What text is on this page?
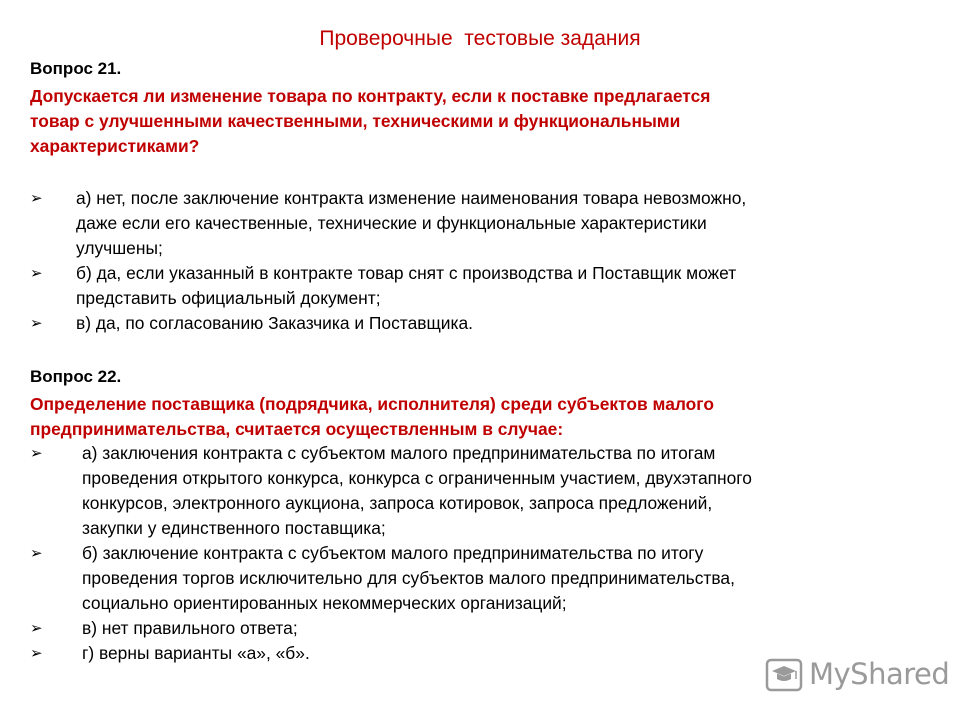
Проверочные  тестовые задания
Вопрос 21.
Допускается ли изменение товара по контракту, если к поставке предлагается
товар с улучшенными качественными, техническими и функциональными
характеристиками?
➢	а) нет, после заключение контракта изменение наименования товара невозможно,
даже если его качественные, технические и функциональные характеристики
улучшены;
➢	б) да, если указанный в контракте товар снят с производства и Поставщик может
представить официальный документ;
➢	в) да, по согласованию Заказчика и Поставщика.
Вопрос 22.
Определение поставщика (подрядчика, исполнителя) среди субъектов малого
предпринимательства, считается осуществленным в случае:
➢	а) заключения контракта с субъектом малого предпринимательства по итогам
проведения открытого конкурса, конкурса с ограниченным участием, двухэтапного
конкурсов, электронного аукциона, запроса котировок, запроса предложений,
закупки у единственного поставщика;
➢	б) заключение контракта с субъектом малого предпринимательства по итогу
проведения торгов исключительно для субъектов малого предпринимательства,
социально ориентированных некоммерческих организаций;
➢	в) нет правильного ответа;
➢	г) верны варианты «а», «б».
MyShared
